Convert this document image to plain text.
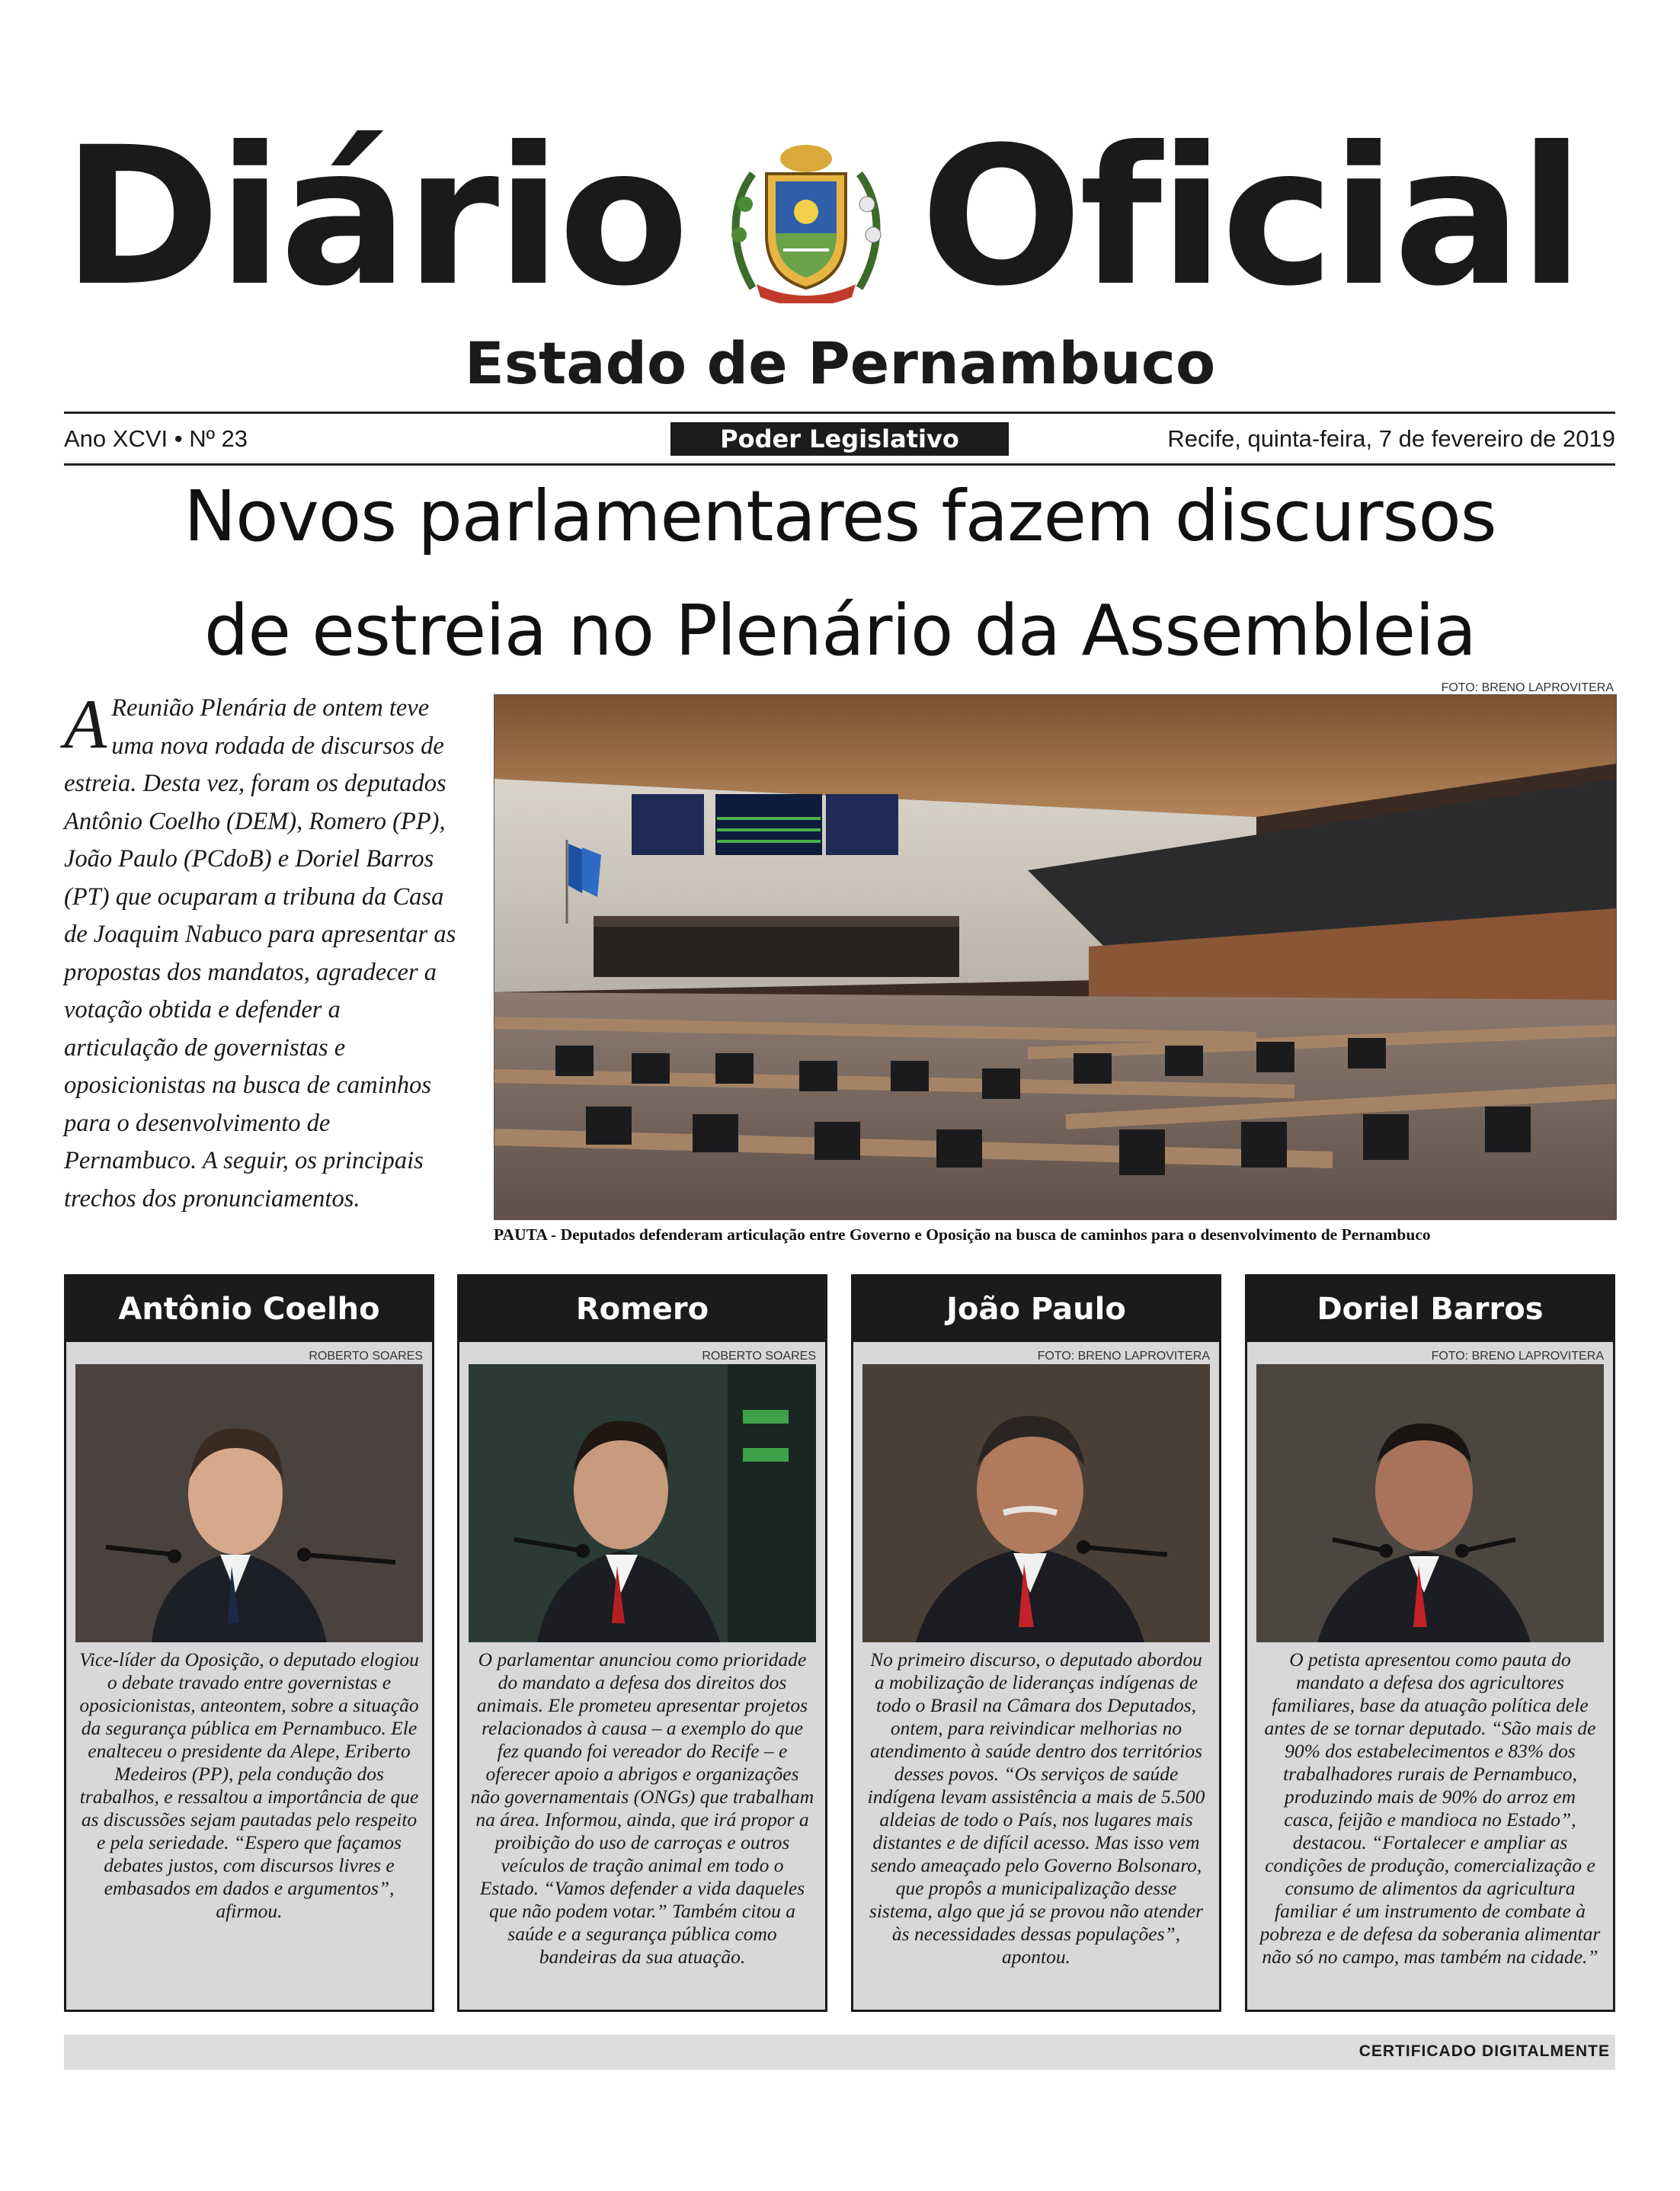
Diário Oficial
Estado de Pernambuco
Ano XCVI • Nº 23	Poder Legislativo	Recife, quinta-feira, 7 de fevereiro de 2019
Novos parlamentares fazem discursos
de estreia no Plenário da Assembleia

A Reunião Plenária de ontem teve uma nova rodada de discursos de estreia. Desta vez, foram os deputados Antônio Coelho (DEM), Romero (PP), João Paulo (PCdoB) e Doriel Barros (PT) que ocuparam a tribuna da Casa de Joaquim Nabuco para apresentar as propostas dos mandatos, agradecer a votação obtida e defender a articulação de governistas e oposicionistas na busca de caminhos para o desenvolvimento de Pernambuco. A seguir, os principais trechos dos pronunciamentos.

FOTO: BRENO LAPROVITERA
PAUTA - Deputados defenderam articulação entre Governo e Oposição na busca de caminhos para o desenvolvimento de Pernambuco
Antônio Coelho
ROBERTO SOARES

Vice-líder da Oposição, o deputado elogiou o debate travado entre governistas e oposicionistas, anteontem, sobre a situação da segurança pública em Pernambuco. Ele enalteceu o presidente da Alepe, Eriberto Medeiros (PP), pela condução dos trabalhos, e ressaltou a importância de que as discussões sejam pautadas pelo respeito e pela seriedade. “Espero que façamos debates justos, com discursos livres e embasados em dados e argumentos”, afirmou.

Romero
ROBERTO SOARES

O parlamentar anunciou como prioridade do mandato a defesa dos direitos dos animais. Ele prometeu apresentar projetos relacionados à causa – a exemplo do que fez quando foi vereador do Recife – e oferecer apoio a abrigos e organizações não governamentais (ONGs) que trabalham na área. Informou, ainda, que irá propor a proibição do uso de carroças e outros veículos de tração animal em todo o Estado. “Vamos defender a vida daqueles que não podem votar.” Também citou a saúde e a segurança pública como bandeiras da sua atuação.

João Paulo
FOTO: BRENO LAPROVITERA

No primeiro discurso, o deputado abordou a mobilização de lideranças indígenas de todo o Brasil na Câmara dos Deputados, ontem, para reivindicar melhorias no atendimento à saúde dentro dos territórios desses povos. “Os serviços de saúde indígena levam assistência a mais de 5.500 aldeias de todo o País, nos lugares mais distantes e de difícil acesso. Mas isso vem sendo ameaçado pelo Governo Bolsonaro, que propôs a municipalização desse sistema, algo que já se provou não atender às necessidades dessas populações”, apontou.

Doriel Barros
FOTO: BRENO LAPROVITERA

O petista apresentou como pauta do mandato a defesa dos agricultores familiares, base da atuação política dele antes de se tornar deputado. “São mais de 90% dos estabelecimentos e 83% dos trabalhadores rurais de Pernambuco, produzindo mais de 90% do arroz em casca, feijão e mandioca no Estado”, destacou. “Fortalecer e ampliar as condições de produção, comercialização e consumo de alimentos da agricultura familiar é um instrumento de combate à pobreza e de defesa da soberania alimentar não só no campo, mas também na cidade.”

CERTIFICADO DIGITALMENTE
